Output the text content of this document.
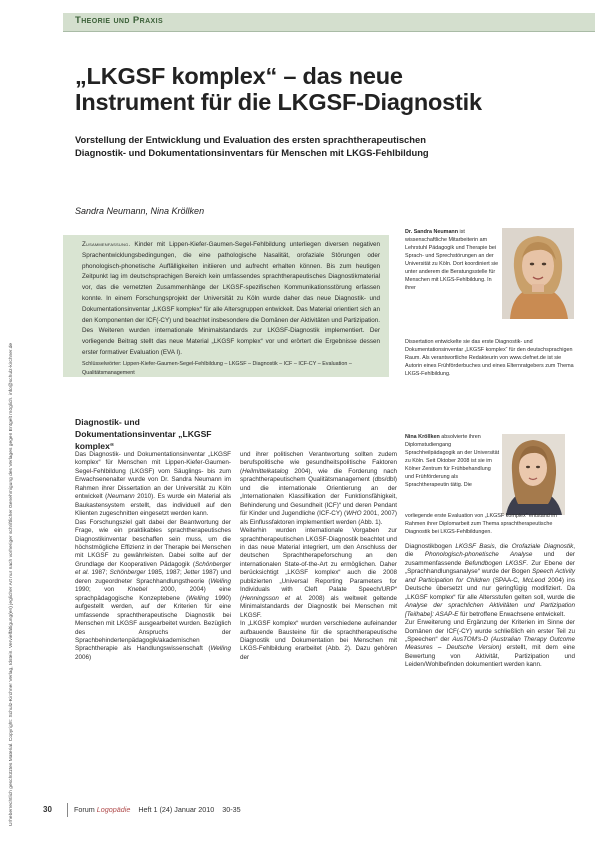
Urheberrechtlich geschütztes Material. Copyright: Schulz-Kirchner Verlag, Idstein. Vervielfältigung(en) jeglicher Art nur nach vorheriger schriftlicher Genehmigung des Verlages gegen Entgelt möglich. info@schulz-kirchner.de
Theorie und Praxis
„LKGSF komplex“ – das neue
Instrument für die LKGSF-Diagnostik

Vorstellung der Entwicklung und Evaluation des ersten sprachtherapeutischen Diagnostik- und Dokumentationsinventars für Menschen mit LKGS-Fehlbildung

Sandra Neumann, Nina Kröllken

Zusammenfassung. Kinder mit Lippen-Kiefer-Gaumen-Segel-Fehlbildung unterliegen diversen negativen Sprachentwicklungsbedingungen, die eine pathologische Nasalität, orofaziale Störungen oder phonologisch-phonetische Auffälligkeiten initiieren und aufrecht erhalten können. Bis zum heutigen Zeitpunkt lag im deutschsprachigen Bereich kein umfassendes sprachtherapeutisches Diagnostikmaterial vor, das die vernetzten Zusammenhänge der LKGSF-spezifischen Kommunikationsstörung erfassen konnte. In einem Forschungsprojekt der Universität zu Köln wurde daher das neue Diagnostik- und Dokumentationsinventar „LKGSF komplex“ für alle Altersgruppen entwickelt. Das Material orientiert sich an den Komponenten der ICF(-CY) und beachtet insbesondere die Domänen der Aktivitäten und Partizipation. Des Weiteren wurden internationale Minimalstandards zur LKGSF-Diagnostik implementiert. Der vorliegende Beitrag stellt das neue Material „LKGSF komplex“ vor und erörtert die Ergebnisse dessen erster formativer Evaluation (EVA I).

Schlüsselwörter: Lippen-Kiefer-Gaumen-Segel-Fehlbildung – LKGSF – Diagnostik – ICF – ICF-CY – Evaluation – Qualitätsmanagement

Dr. Sandra Neumann ist wissenschaftliche Mitarbeiterin am Lehrstuhl Pädagogik und Therapie bei Sprach- und Sprechstörungen an der Universität zu Köln. Dort koordiniert sie unter anderem die Beratungsstelle für Menschen mit LKGS-Fehlbildung. In ihrer

Dissertation entwickelte sie das erste Diagnostik- und Dokumentationsinventar „LKGSF komplex“ für den deutschsprachigen Raum. Als verantwortliche Redakteurin von www.clefnet.de ist sie Autorin eines Frühförderbuches und eines Elternratgebers zum Thema LKGS-Fehlbildung.

Nina Kröllken absolvierte ihren Diplomstudiengang Sprachheilpädagogik an der Universität zu Köln. Seit Oktober 2008 ist sie im Kölner Zentrum für Frühbehandlung und Frühförderung als Sprachtherapeutin tätig. Die

vorliegende erste Evaluation von „LKGSF komplex“ entstand im Rahmen ihrer Diplomarbeit zum Thema sprachtherapeutische Diagnostik bei LKGS-Fehlbildungen.

Diagnostik- und Dokumentationsinventar „LKGSF komplex“

Das Diagnostik- und Dokumentationsinventar „LKGSF komplex“ für Menschen mit Lippen-Kiefer-Gaumen-Segel-Fehlbildung (LKGSF) vom Säuglings- bis zum Erwachsenenalter wurde von Dr. Sandra Neumann im Rahmen ihrer Dissertation an der Universität zu Köln entwickelt (Neumann 2010). Es wurde ein Material als Baukastensystem erstellt, das individuell auf den Klienten zugeschnitten eingesetzt werden kann.

Das Forschungsziel galt dabei der Beantwortung der Frage, wie ein praktikables sprachtherapeutisches Diagnostikinventar beschaffen sein muss, um die höchstmögliche Effizienz in der Therapie bei Menschen mit LKGSF zu gewährleisten. Dabei sollte auf der Grundlage der Kooperativen Pädagogik (Schönberger et al. 1987; Schönberger 1985, 1987; Jetter 1987) und deren zugeordneter Sprachhandlungstheorie (Welling 1990; von Knebel 2000, 2004) eine sprachpädagogische Konzeptebene (Welling 1990) aufgestellt werden, auf der Kriterien für eine umfassende sprachtherapeutische Diagnostik bei Menschen mit LKGSF ausgearbeitet wurden. Bezüglich des Anspruchs der Sprachbehindertenpädagogik/akademischen Sprachtherapie als Handlungswissenschaft (Welling 2006)

und ihrer politischen Verantwortung sollten zudem berufspolitische wie gesundheitspolitische Faktoren (Heilmittelkatalog 2004), wie die Forderung nach sprachtherapeutischem Qualitätsmanagement (dbs/dbl) und die internationale Orientierung an der „Internationalen Klassifikation der Funktionsfähigkeit, Behinderung und Gesundheit (ICF)“ und deren Pendant für Kinder und Jugendliche (ICF-CY) (WHO 2001, 2007) als Einflussfaktoren implementiert werden (Abb. 1).

Weiterhin wurden internationale Vorgaben zur sprachtherapeutischen LKGSF-Diagnostik beachtet und in das neue Material integriert, um den Anschluss der deutschen Sprachtherapeforschung an den internationalen State-of-the-Art zu ermöglichen. Daher berücksichtigt „LKGSF komplex“ auch die 2008 publizierten „Universal Reporting Parameters for Individuals with Cleft Palate Speech/URP“ (Henningsson et al. 2008) als weltweit geltende Minimalstandards der Diagnostik bei Menschen mit LKGSF.

In „LKGSF komplex“ wurden verschiedene aufeinander aufbauende Bausteine für die sprachtherapeutische Diagnostik und Dokumentation bei Menschen mit LKGS-Fehlbildung erarbeitet (Abb. 2). Dazu gehören der

Diagnostikbogen LKGSF Basis, die Orofaziale Diagnostik, die Phonologisch-phonetische Analyse und der zusammenfassende Befundbogen LKGSF. Zur Ebene der „Sprachhandlungsanalyse“ wurde der Bogen Speech Activity and Participation for Children (SPAA-C, McLeod 2004) ins Deutsche übersetzt und nur geringfügig modifiziert. Da „LKGSF komplex“ für alle Altersstufen gelten soll, wurde die Analyse der sprachlichen Aktivitäten und Partizipation [Teilhabe]: ASAP-E für betroffene Erwachsene entwickelt.

Zur Erweiterung und Ergänzung der Kriterien im Sinne der Domänen der ICF(-CY) wurde schließlich ein erster Teil zu „Speechen“ der AusTOM's-D (Australian Therapy Outcome Measures – Deutsche Version) erstellt, mit dem eine Bewertung von Aktivität, Partizipation und Leiden/Wohlbefinden dokumentiert werden kann.

30	Forum Logopädie Heft 1 (24) Januar 2010 30-35
